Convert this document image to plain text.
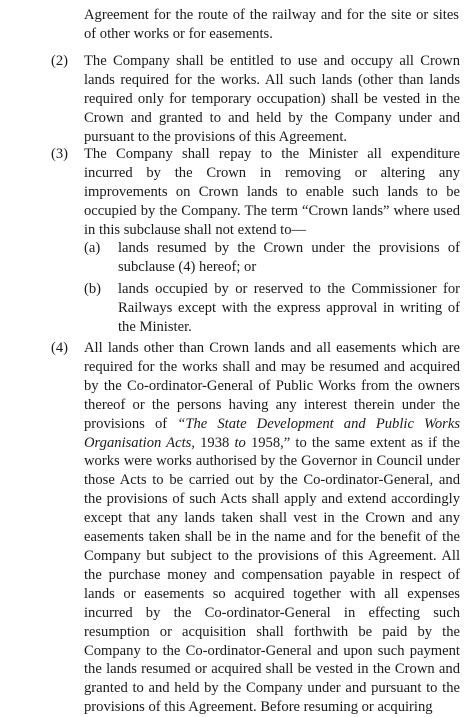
Agreement for the route of the railway and for the site or sites of other works or for easements.
(2)	The Company shall be entitled to use and occupy all Crown lands required for the works. All such lands (other than lands required only for temporary occupation) shall be vested in the Crown and granted to and held by the Company under and pursuant to the provisions of this Agreement.
(3)	The Company shall repay to the Minister all expenditure incurred by the Crown in removing or altering any improvements on Crown lands to enable such lands to be occupied by the Company. The term “Crown lands” where used in this subclause shall not extend to—
(a)	lands resumed by the Crown under the provisions of subclause (4) hereof; or
(b)	lands occupied by or reserved to the Commissioner for Railways except with the express approval in writing of the Minister.
(4)	All lands other than Crown lands and all easements which are required for the works shall and may be resumed and acquired by the Co-ordinator-General of Public Works from the owners thereof or the persons having any interest therein under the provisions of “The State Development and Public Works Organisation Acts, 1938 to 1958,” to the same extent as if the works were works authorised by the Governor in Council under those Acts to be carried out by the Co-ordinator-General, and the provisions of such Acts shall apply and extend accordingly except that any lands taken shall vest in the Crown and any easements taken shall be in the name and for the benefit of the Company but subject to the provisions of this Agreement. All the purchase money and compensation payable in respect of lands or easements so acquired together with all expenses incurred by the Co-ordinator-General in effecting such resumption or acquisition shall forthwith be paid by the Company to the Co-ordinator-General and upon such payment the lands resumed or acquired shall be vested in the Crown and granted to and held by the Company under and pursuant to the provisions of this Agreement. Before resuming or acquiring
